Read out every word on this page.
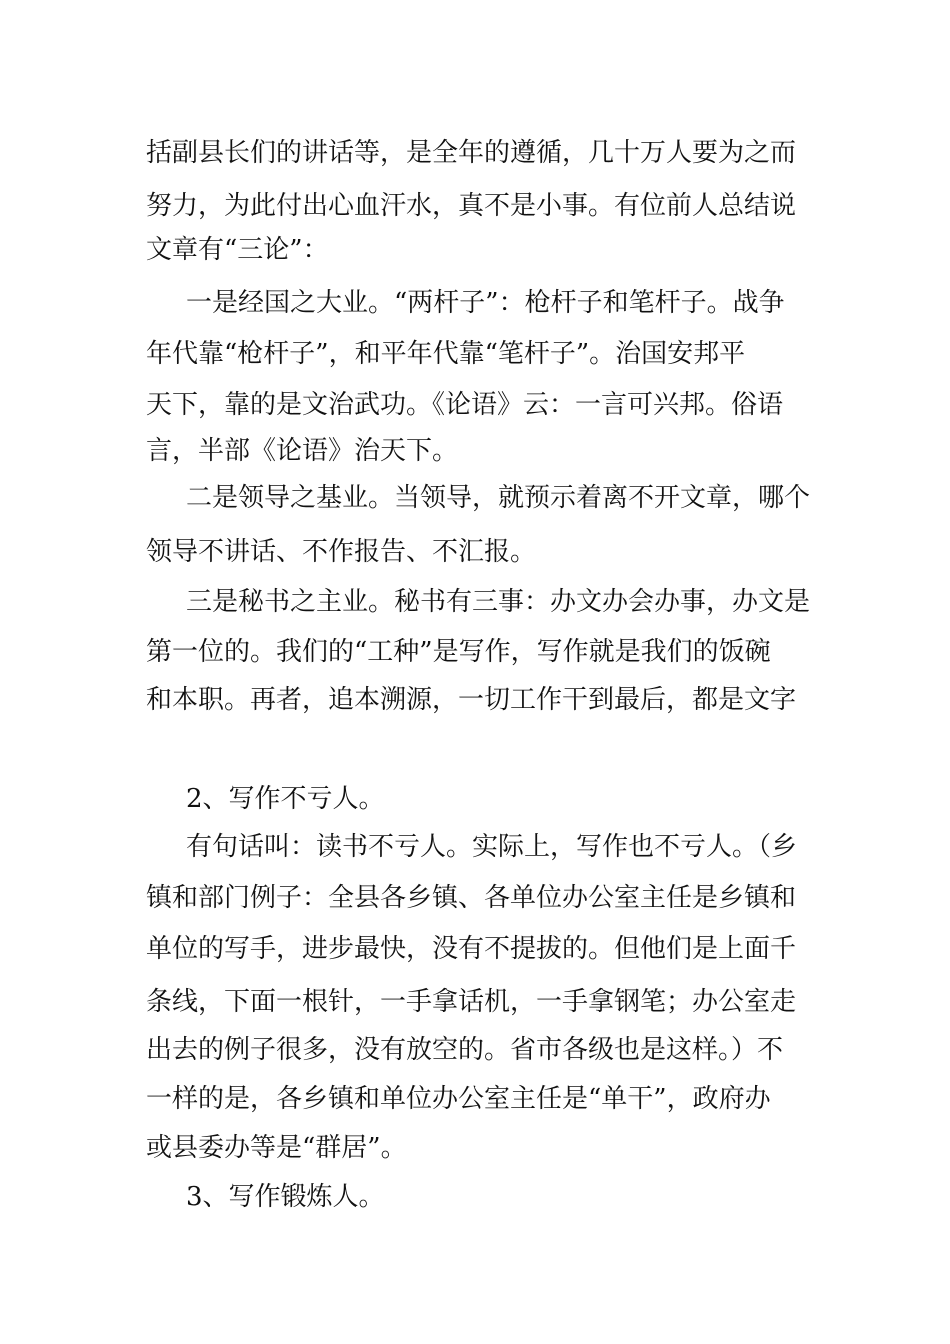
括副县长们的讲话等，是全年的遵循，几十万人要为之而
努力，为此付出心血汗水，真不是小事。有位前人总结说
文章有“三论”：
一是经国之大业。“两杆子”：枪杆子和笔杆子。战争
年代靠“枪杆子”，和平年代靠“笔杆子”。治国安邦平
天下，靠的是文治武功。《论语》云：一言可兴邦。俗语
言，半部《论语》治天下。
二是领导之基业。当领导，就预示着离不开文章，哪个
领导不讲话、不作报告、不汇报。
三是秘书之主业。秘书有三事：办文办会办事，办文是
第一位的。我们的“工种”是写作，写作就是我们的饭碗
和本职。再者，追本溯源，一切工作干到最后，都是文字
2、写作不亏人。
有句话叫：读书不亏人。实际上，写作也不亏人。（乡
镇和部门例子：全县各乡镇、各单位办公室主任是乡镇和
单位的写手，进步最快，没有不提拔的。但他们是上面千
条线，下面一根针，一手拿话机，一手拿钢笔；办公室走
出去的例子很多，没有放空的。省市各级也是这样。）不
一样的是，各乡镇和单位办公室主任是“单干”，政府办
或县委办等是“群居”。
3、写作锻炼人。
